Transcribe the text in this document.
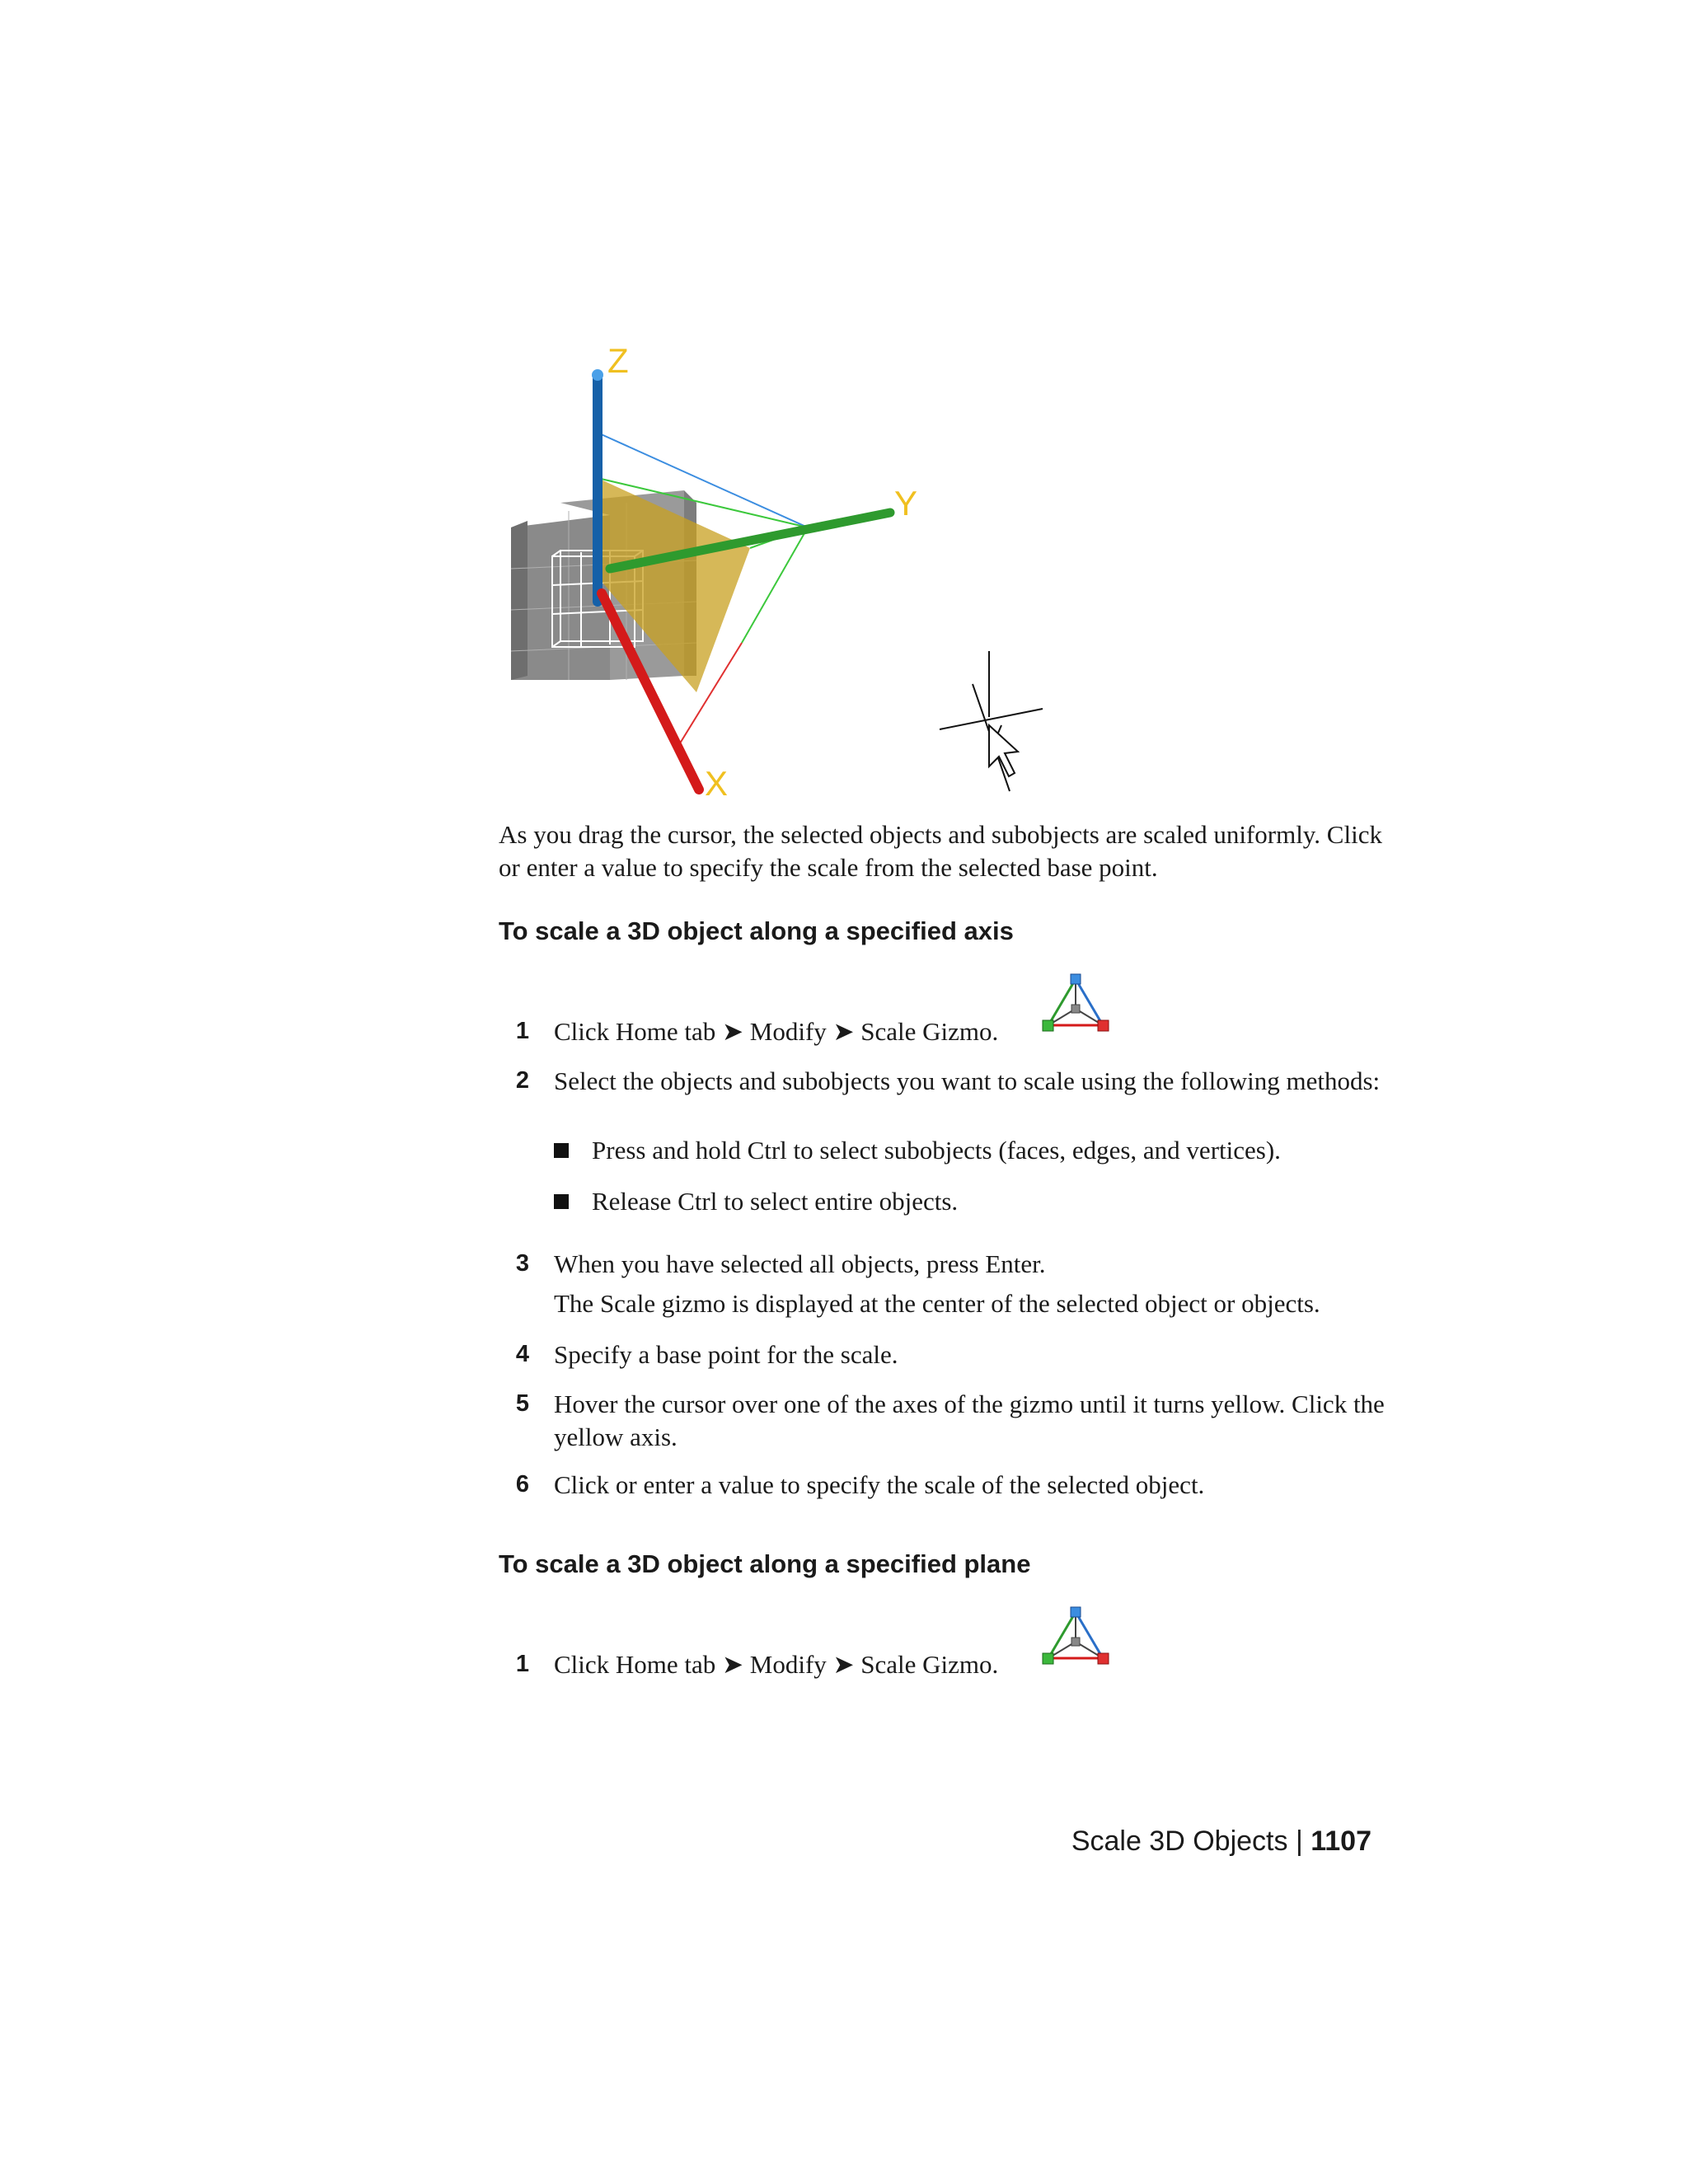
Z
Y
X
As you drag the cursor, the selected objects and subobjects are scaled uniformly. Click or enter a value to specify the scale from the selected base point.
To scale a 3D object along a specified axis
1 Click Home tab ➤ Modify ➤ Scale Gizmo.
2 Select the objects and subobjects you want to scale using the following methods:
Press and hold Ctrl to select subobjects (faces, edges, and vertices).
Release Ctrl to select entire objects.
3 When you have selected all objects, press Enter.
The Scale gizmo is displayed at the center of the selected object or objects.
4 Specify a base point for the scale.
5 Hover the cursor over one of the axes of the gizmo until it turns yellow. Click the yellow axis.
6 Click or enter a value to specify the scale of the selected object.
To scale a 3D object along a specified plane
1 Click Home tab ➤ Modify ➤ Scale Gizmo.
Scale 3D Objects | 1107
